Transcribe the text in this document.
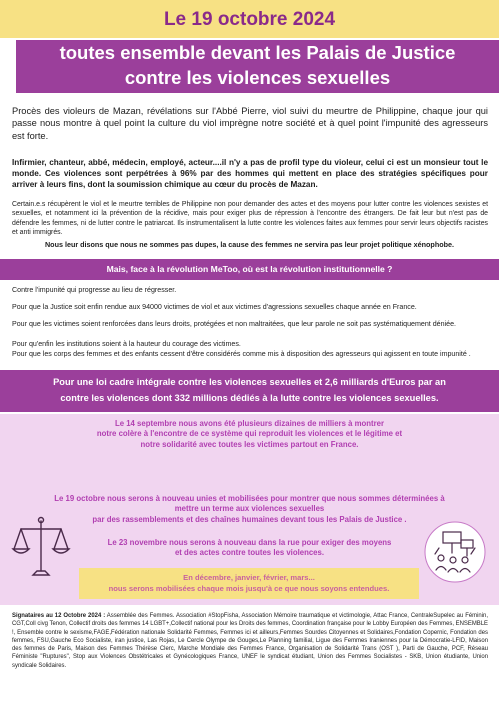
Le 19 octobre 2024
toutes ensemble devant les Palais de Justice
contre les violences sexuelles
Procès des violeurs de Mazan, révélations sur l'Abbé Pierre, viol suivi du meurtre de Philippine, chaque jour qui passe nous montre à quel point la culture du viol imprègne notre société et à quel point l'impunité des agresseurs est forte.
Infirmier, chanteur, abbé, médecin, employé, acteur....il n'y a pas de profil type du violeur, celui ci est un monsieur tout le monde. Ces violences sont perpétrées à 96% par des hommes qui mettent en place des stratégies spécifiques pour arriver à leurs fins, dont la soumission chimique au cœur du procès de Mazan.
Certain.e.s récupèrent le viol et le meurtre terribles de Philippine non pour demander des actes et des moyens pour lutter contre les violences sexistes et sexuelles, et notamment ici la prévention de la récidive, mais pour exiger plus de répression à l'encontre des étrangers. De fait leur but n'est pas de défendre les femmes, ni de lutter contre le patriarcat. Ils instrumentalisent la lutte contre les violences faites aux femmes pour servir leurs objectifs racistes et anti immigrés.
Nous leur disons que nous ne sommes pas dupes, la cause des femmes ne servira pas leur projet politique xénophobe.
Mais, face à la révolution MeToo, où est la révolution institutionnelle ?
Contre l'impunité qui progresse au lieu de régresser.
Pour que la Justice soit enfin rendue aux 94000 victimes de viol et aux victimes d'agressions sexuelles chaque année en France.
Pour que les victimes soient renforcées dans leurs droits, protégées et non maltraitées, que leur parole ne soit pas systématiquement déniée.
Pour qu'enfin les institutions soient à la hauteur du courage des victimes.
Pour une loi cadre intégrale contre les violences sexuelles et 2,6 milliards d'Euros par an
contre les violences dont 332 millions dédiés à la lutte contre les violences sexuelles.
Le 14 septembre nous avons été plusieurs dizaines de milliers à montrer
notre colère à l'encontre de ce système qui reproduit les violences et le légitime et
notre solidarité avec toutes les victimes partout en France.
Le 19 octobre nous serons à nouveau unies et mobilisées pour montrer que nous sommes déterminées à
mettre un terme aux violences sexuelles
par des rassemblements et des chaînes humaines devant tous les Palais de Justice .
Le 23 novembre nous serons à nouveau dans la rue pour exiger des moyens
et des actes contre toutes les violences.
En décembre, janvier, février, mars...
nous serons mobilisées chaque mois jusqu'à ce que nous soyons entendues.
Signataires au 12 Octobre 2024 : Assemblée des Femmes. Association #StopFisha, Association Mémoire traumatique et victimologie, Attac France, CentraleSupelec au Féminin, CGT,Coll civg Tenon, Collectif droits des femmes 14 LGBT+,Collectif national pour les Droits des femmes, Coordination française pour le Lobby Européen des Femmes, ENSEMBLE !, Ensemble contre le sexisme,FAGE,Fédération nationale Solidarité Femmes, Femmes ici et ailleurs,Femmes Sourdes Citoyennes et Solidaires,Fondation Copernic, Fondation des femmes, FSU,Gauche Eco Socialiste, iran justice, Las Rojas, Le Cercle Olympe de Gouges,Le Planning familial, Ligue des Femmes Iraniennes pour la Démocratie-LFID, Maison des femmes de Paris, Maison des Femmes Thérèse Clerc, Marche Mondiale des Femmes France, Organisation de Solidarité Trans (OST ), Parti de Gauche, PCF, Réseau Féministe "Ruptures", Stop aux Violences Obstétricales et Gynécologiques France, UNEF le syndicat étudiant, Union des Femmes Socialistes - SKB, Union étudiante, Union syndicale Solidaires.
Pour que les corps des femmes et des enfants cessent d'être considérés comme mis à disposition des agresseurs qui agissent en toute impunité .
